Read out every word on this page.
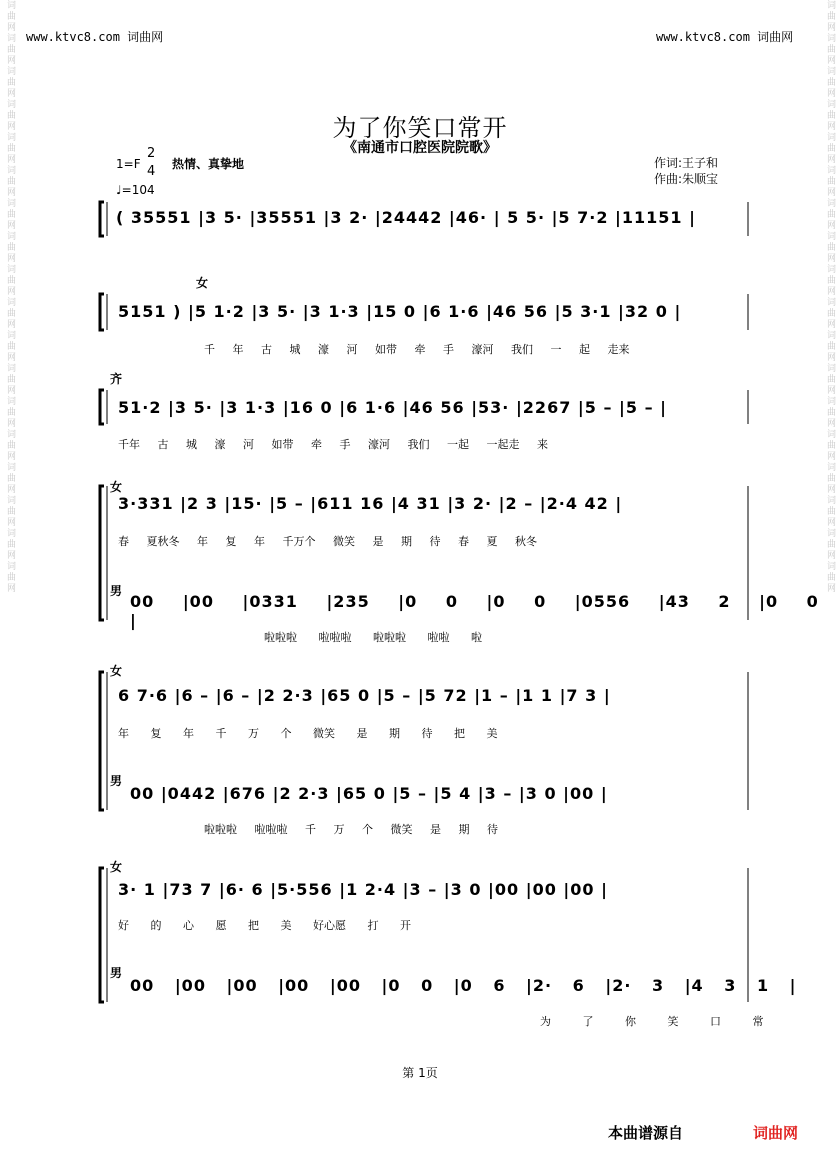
词曲网词曲网词曲网词曲网词曲网词曲网词曲网词曲网词曲网词曲网词曲网词曲网词曲网词曲网词曲网词曲网词曲网词曲网	词曲网词曲网词曲网词曲网词曲网词曲网词曲网词曲网词曲网词曲网词曲网词曲网词曲网词曲网词曲网词曲网词曲网词曲网
www.ktvc8.com 词曲网	www.ktvc8.com 词曲网
为了你笑口常开
《南通市口腔医院院歌》
1=F
2
4 热情、真挚地
♩=104
作词:王子和
作曲:朱顺宝
( 35551 |3 5· |35551 |3 2· |24442 |46· | 5 5· |5 7·2 |11151 |
女
5151 ) |5 1·2 |3 5· |3 1·3 |15 0 |6 1·6 |46 56 |5 3·1 |32 0 |
千 年 古 城 濠 河 如带 牵 手 濠河 我们 一 起 走来
齐
51·2 |3 5· |3 1·3 |16 0 |6 1·6 |46 56 |53· |2267 |5 – |5 – |
千年 古 城 濠 河 如带 牵 手 濠河 我们 一起 一起走 来
女
3·331 |2 3 |15· |5 – |611 16 |4 31 |3 2· |2 – |2·4 42 |
春 夏秋冬 年 复 年 千万个 微笑 是 期 待 春 夏 秋冬
男
00 |00 |0331 |235 |0 0 |0 0 |0556 |43 2 |0 0 |
啦啦啦 啦啦啦 啦啦啦 啦啦 啦
女
6 7·6 |6 – |6 – |2 2·3 |65 0 |5 – |5 72 |1 – |1 1 |7 3 |
年 复 年 千 万 个 微笑 是 期 待 把 美
男
00 |0442 |676 |2 2·3 |65 0 |5 – |5 4 |3 – |3 0 |00 |
啦啦啦 啦啦啦 千 万 个 微笑 是 期 待
女
3· 1 |73 7 |6· 6 |5·556 |1 2·4 |3 – |3 0 |00 |00 |00 |
好 的 心 愿 把 美 好心愿 打 开
男
00 |00 |00 |00 |00 |0 0 |0 6 |2· 6 |2· 3 |4 3 1 |
为 了 你 笑 口 常
第 1页
本曲谱源自	词曲网
